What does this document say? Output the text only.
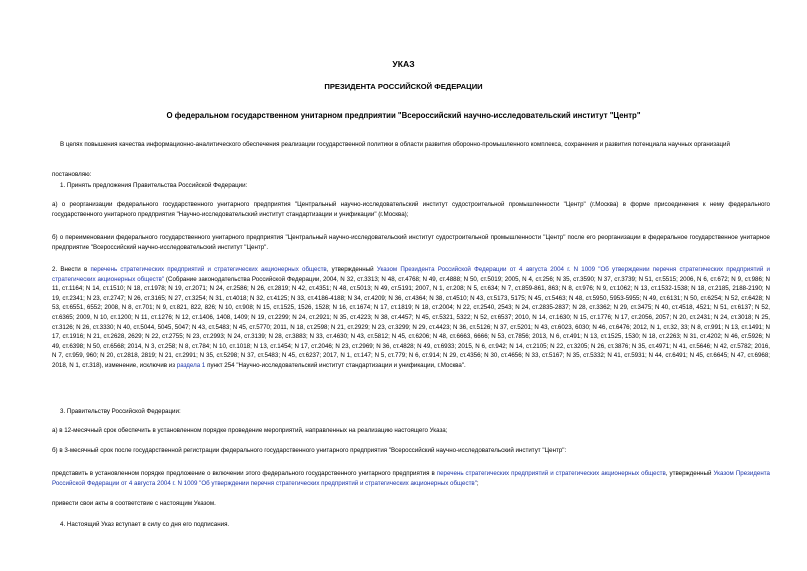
УКАЗ
ПРЕЗИДЕНТА РОССИЙСКОЙ ФЕДЕРАЦИИ
О федеральном государственном унитарном предприятии "Всероссийский научно-исследовательский институт "Центр"
В целях повышения качества информационно-аналитического обеспечения реализации государственной политики в области развития оборонно-промышленного комплекса, сохранения и развития потенциала научных организаций
постановляю:
1. Принять предложения Правительства Российской Федерации:
а) о реорганизации федерального государственного унитарного предприятия "Центральный научно-исследовательский институт судостроительной промышленности "Центр" (г.Москва) в форме присоединения к нему федерального государственного унитарного предприятия "Научно-исследовательский институт стандартизации и унификации" (г.Москва);
б) о переименовании федерального государственного унитарного предприятия "Центральный научно-исследовательский институт судостроительной промышленности "Центр" после его реорганизации в федеральное государственное унитарное предприятие "Всероссийский научно-исследовательский институт "Центр".
2. Внести в перечень стратегических предприятий и стратегических акционерных обществ, утвержденный Указом Президента Российской Федерации от 4 августа 2004 г. N 1009 "Об утверждении перечня стратегических предприятий и стратегических акционерных обществ" (Собрание законодательства Российской Федерации, 2004, N 32, ст.3313; N 48, ст.4768; N 49, ст.4888; N 50, ст.5019; 2005, N 4, ст.256; N 35, ст.3590; N 37, ст.3739; N 51, ст.5515; 2006, N 6, ст.672; N 9, ст.986; N 11, ст.1164; N 14, ст.1510; N 18, ст.1978; N 19, ст.2071; N 24, ст.2586; N 26, ст.2819; N 42, ст.4351; N 48, ст.5013; N 49, ст.5191; 2007, N 1, ст.208; N 5, ст.634; N 7, ст.859-861, 863; N 8, ст.976; N 9, ст.1062; N 13, ст.1532-1538; N 18, ст.2185, 2188-2190; N 19, ст.2341; N 23, ст.2747; N 26, ст.3165; N 27, ст.3254; N 31, ст.4018; N 32, ст.4125; N 33, ст.4186-4188; N 34, ст.4209; N 36, ст.4364; N 38, ст.4510; N 43, ст.5173, 5175; N 45, ст.5463; N 48, ст.5950, 5953-5955; N 49, ст.6131; N 50, ст.6254; N 52, ст.6428; N 53, ст.6551, 6552; 2008, N 8, ст.701; N 9, ст.821, 822, 826; N 10, ст.908; N 15, ст.1525, 1526, 1528; N 16, ст.1674; N 17, ст.1819; N 18, ст.2004; N 22, ст.2540, 2543; N 24, ст.2835-2837; N 28, ст.3362; N 29, ст.3475; N 40, ст.4518, 4521; N 51, ст.6137; N 52, ст.6365; 2009, N 10, ст.1200; N 11, ст.1276; N 12, ст.1406, 1408, 1409; N 19, ст.2299; N 24, ст.2921; N 35, ст.4223; N 38, ст.4457; N 45, ст.5321, 5322; N 52, ст.6537; 2010, N 14, ст.1630; N 15, ст.1776; N 17, ст.2056, 2057; N 20, ст.2431; N 24, ст.3018; N 25, ст.3126; N 26, ст.3330; N 40, ст.5044, 5045, 5047; N 43, ст.5483; N 45, ст.5770; 2011, N 18, ст.2598; N 21, ст.2929; N 23, ст.3299; N 29, ст.4423; N 36, ст.5126; N 37, ст.5201; N 43, ст.6023, 6030; N 46, ст.6476; 2012, N 1, ст.32, 33; N 8, ст.991; N 13, ст.1491; N 17, ст.1916; N 21, ст.2628, 2629; N 22, ст.2755; N 23, ст.2993; N 24, ст.3139; N 28, ст.3883; N 33, ст.4630; N 43, ст.5812; N 45, ст.6206; N 48, ст.6663, 6666; N 53, ст.7856; 2013, N 6, ст.491; N 13, ст.1525, 1530; N 18, ст.2263; N 31, ст.4202; N 46, ст.5926; N 49, ст.6398; N 50, ст.6568; 2014, N 3, ст.258; N 8, ст.784; N 10, ст.1018; N 13, ст.1454; N 17, ст.2046; N 23, ст.2969; N 36, ст.4828; N 49, ст.6933; 2015, N 6, ст.942; N 14, ст.2105; N 22, ст.3205; N 26, ст.3876; N 35, ст.4971; N 41, ст.5646; N 42, ст.5782; 2016, N 7, ст.959, 960; N 20, ст.2818, 2819; N 21, ст.2991; N 35, ст.5298; N 37, ст.5483; N 45, ст.6237; 2017, N 1, ст.147; N 5, ст.779; N 6, ст.914; N 29, ст.4356; N 30, ст.4656; N 33, ст.5167; N 35, ст.5332; N 41, ст.5931; N 44, ст.6491; N 45, ст.6645; N 47, ст.6968; 2018, N 1, ст.318), изменение, исключив из раздела 1 пункт 254 "Научно-исследовательский институт стандартизации и унификации, г.Москва".
3. Правительству Российской Федерации:
а) в 12-месячный срок обеспечить в установленном порядке проведение мероприятий, направленных на реализацию настоящего Указа;
б) в 3-месячный срок после государственной регистрации федерального государственного унитарного предприятия "Всероссийский научно-исследовательский институт "Центр":
представить в установленном порядке предложение о включении этого федерального государственного унитарного предприятия в перечень стратегических предприятий и стратегических акционерных обществ, утвержденный Указом Президента Российской Федерации от 4 августа 2004 г. N 1009 "Об утверждении перечня стратегических предприятий и стратегических акционерных обществ";
привести свои акты в соответствие с настоящим Указом.
4. Настоящий Указ вступает в силу со дня его подписания.
